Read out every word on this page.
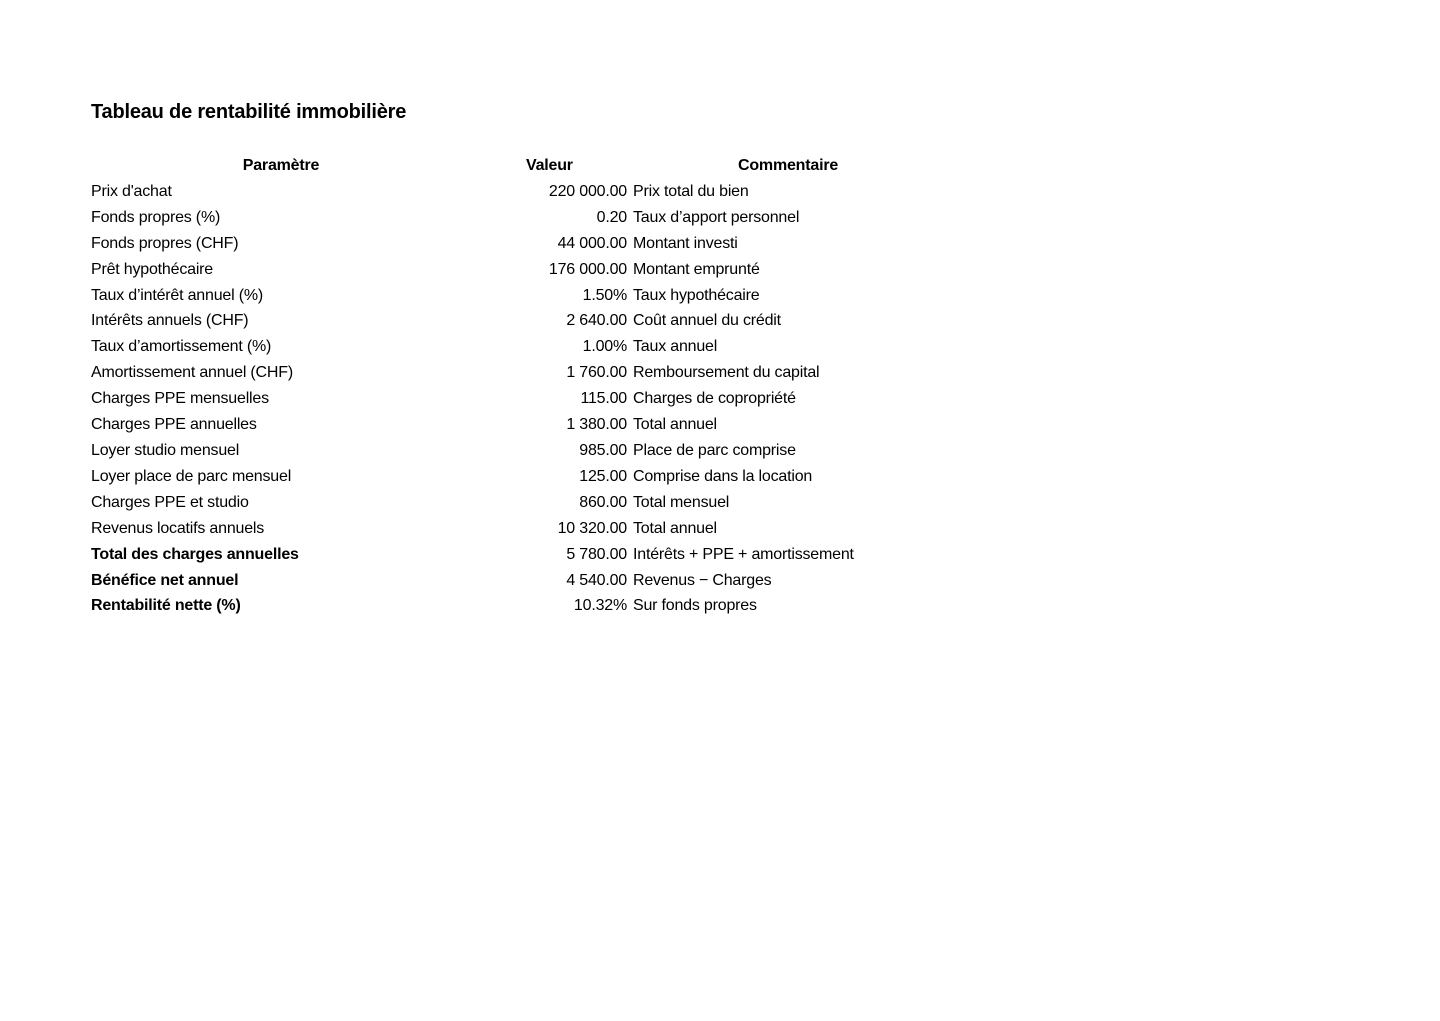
Tableau de rentabilité immobilière
Paramètre	Valeur	Commentaire
Prix d'achat	220 000.00	Prix total du bien
Fonds propres (%)	0.20	Taux d’apport personnel
Fonds propres (CHF)	44 000.00	Montant investi
Prêt hypothécaire	176 000.00	Montant emprunté
Taux d’intérêt annuel (%)	1.50%	Taux hypothécaire
Intérêts annuels (CHF)	2 640.00	Coût annuel du crédit
Taux d’amortissement (%)	1.00%	Taux annuel
Amortissement annuel (CHF)	1 760.00	Remboursement du capital
Charges PPE mensuelles	115.00	Charges de copropriété
Charges PPE annuelles	1 380.00	Total annuel
Loyer studio mensuel	985.00	Place de parc comprise
Loyer place de parc mensuel	125.00	Comprise dans la location
Charges PPE et studio	860.00	Total mensuel
Revenus locatifs annuels	10 320.00	Total annuel
Total des charges annuelles	5 780.00	Intérêts + PPE + amortissement
Bénéfice net annuel	4 540.00	Revenus − Charges
Rentabilité nette (%)	10.32%	Sur fonds propres
